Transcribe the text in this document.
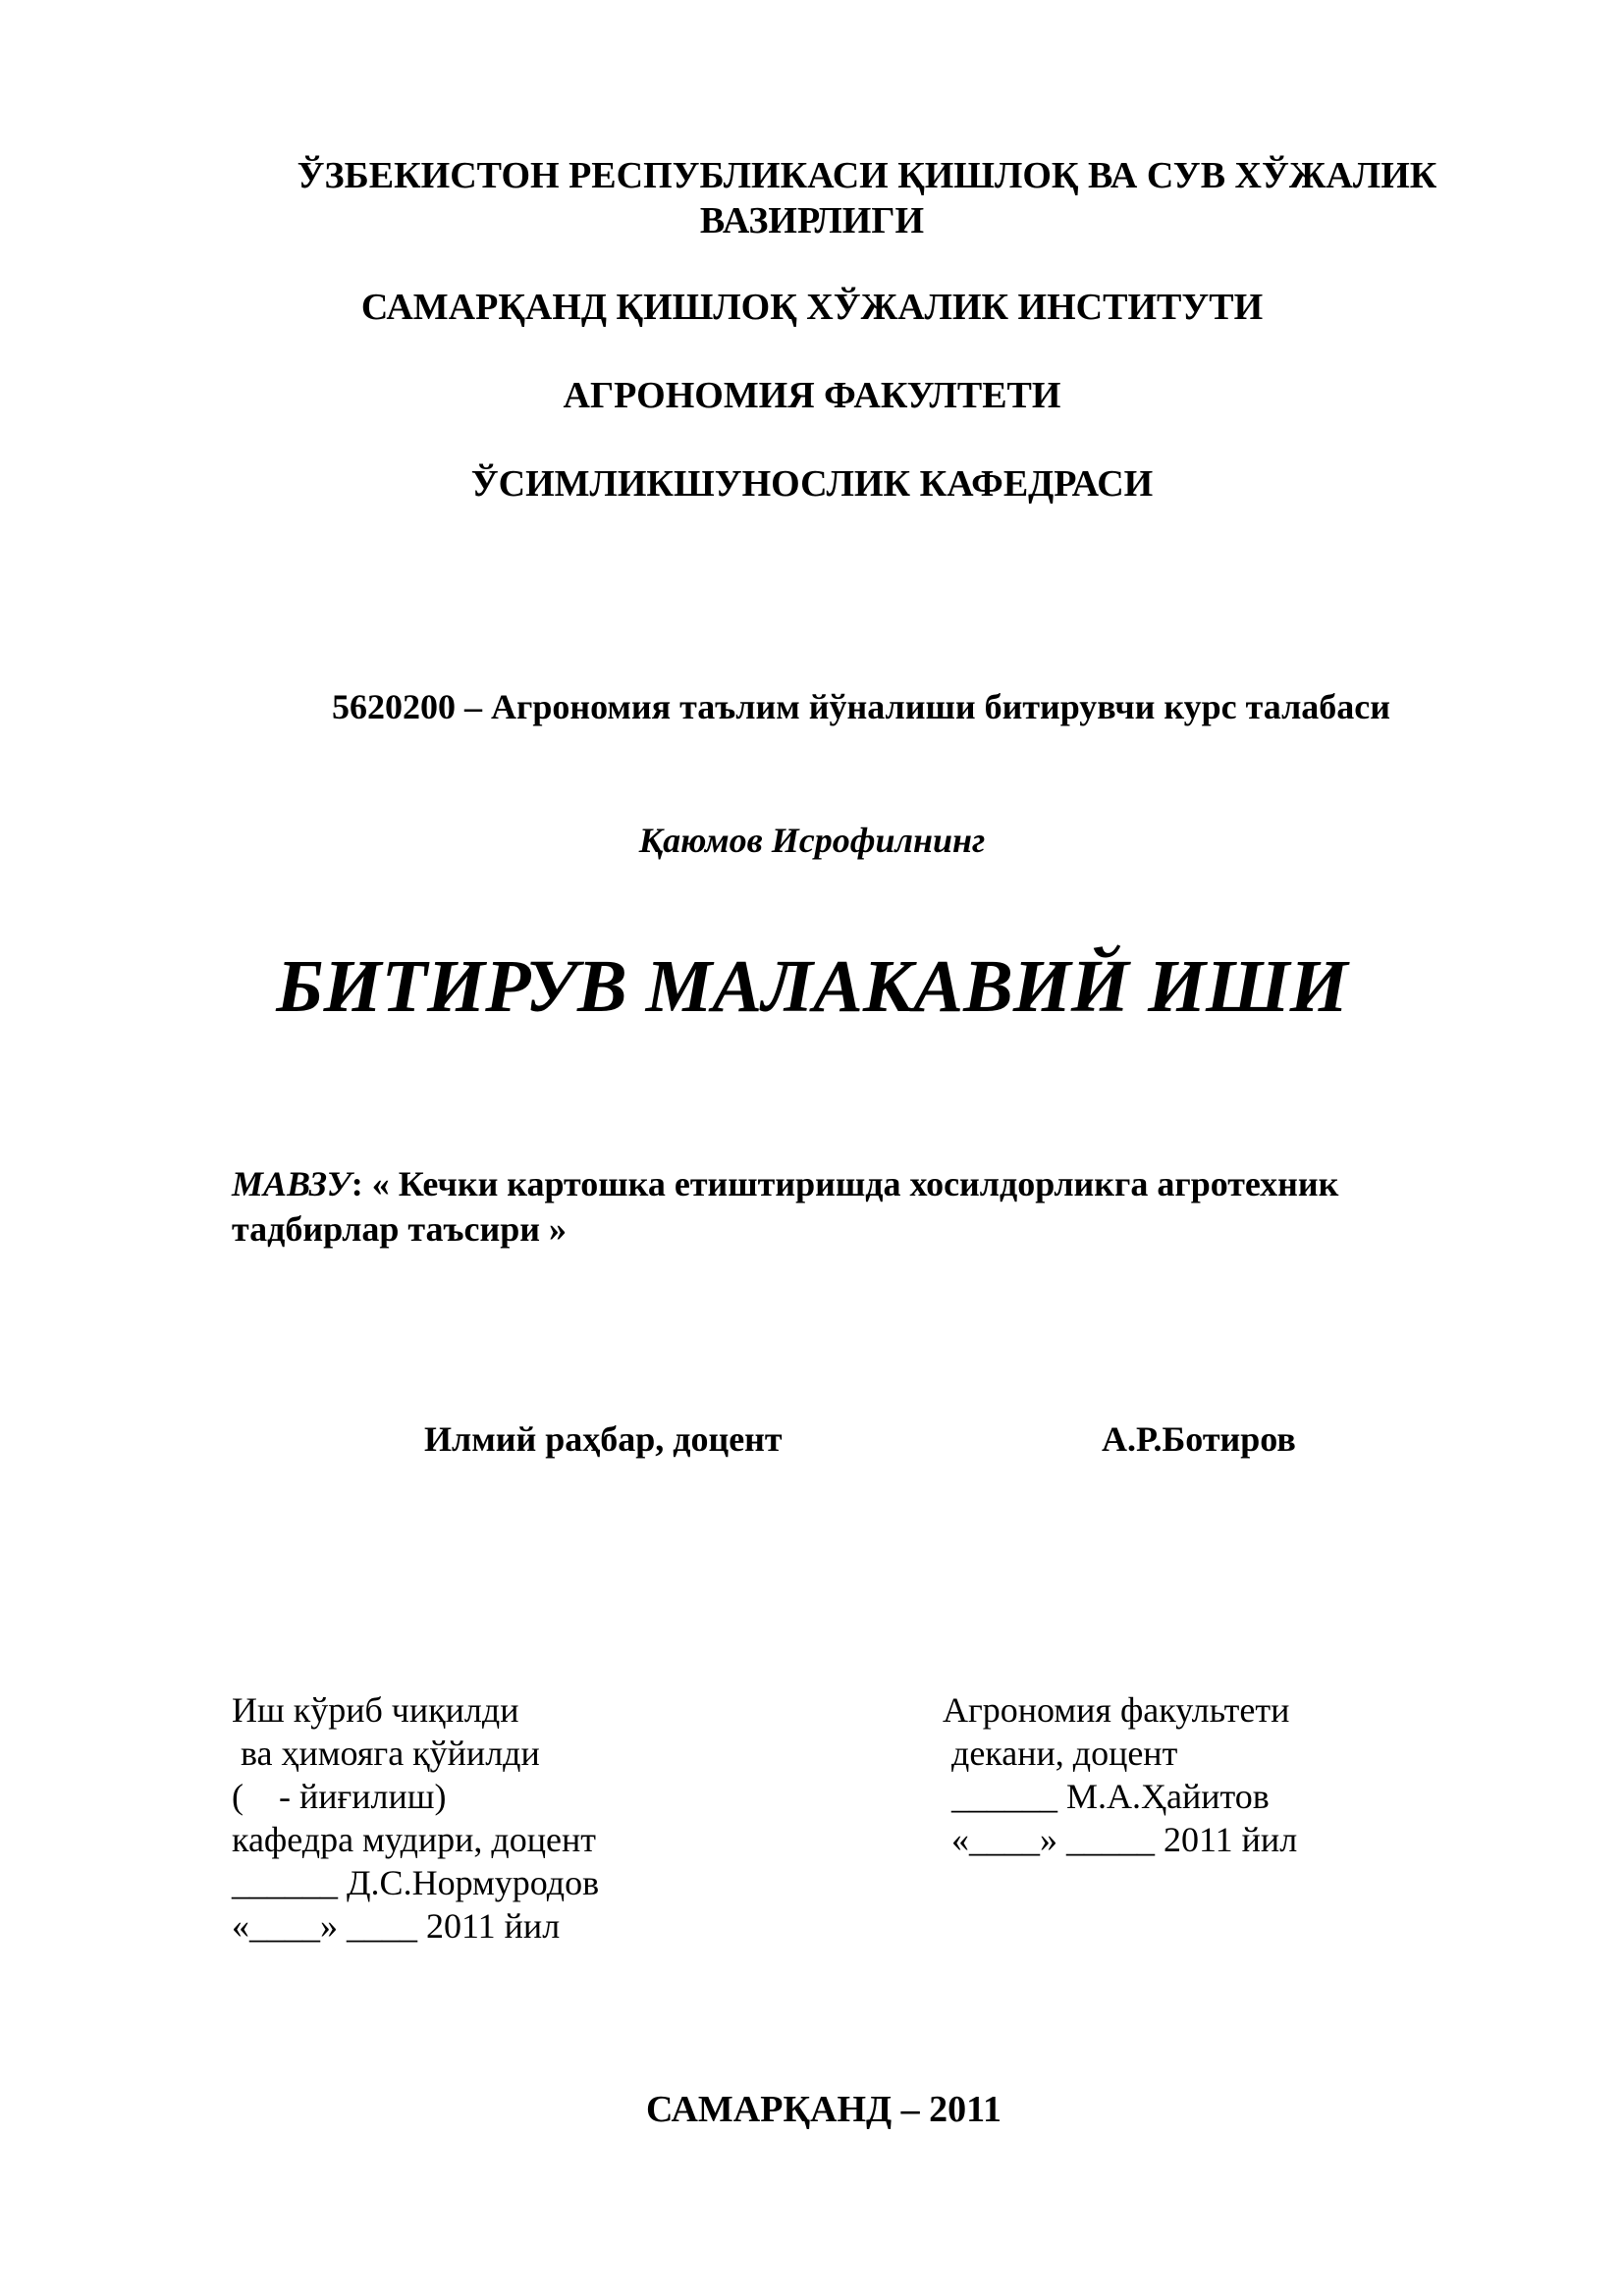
ЎЗБЕКИСТОН РЕСПУБЛИКАСИ ҚИШЛОҚ ВА СУВ ХЎЖАЛИК
ВАЗИРЛИГИ
САМАРҚАНД ҚИШЛОҚ ХЎЖАЛИК ИНСТИТУТИ
АГРОНОМИЯ ФАКУЛТЕТИ
ЎСИМЛИКШУНОСЛИК КАФЕДРАСИ
5620200 – Агрономия таълим йўналиши битирувчи курс талабаси
Қаюмов Исрофилнинг
БИТИРУВ МАЛАКАВИЙ ИШИ
МАВЗУ: « Кечки картошка етиштиришда хосилдорликга агротехник
тадбирлар таъсири »
Илмий раҳбар, доцент	А.Р.Ботиров
Иш кўриб чиқилди
ва ҳимояга қўйилди
(    - йиғилиш)
кафедра мудири, доцент
______ Д.С.Нормуродов
«____» ____ 2011 йил
Агрономия факультети
декани, доцент
______ М.А.Ҳайитов
«____» _____ 2011 йил
САМАРҚАНД – 2011
